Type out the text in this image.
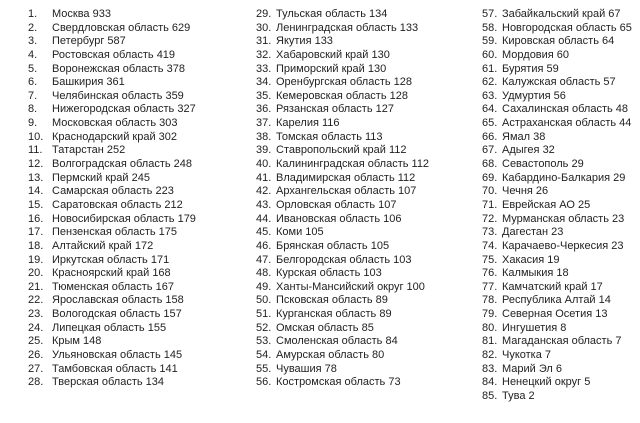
1.	Москва 933
2.	Свердловская область 629
3.	Петербург 587
4.	Ростовская область 419
5.	Воронежская область 378
6.	Башкирия 361
7.	Челябинская область 359
8.	Нижегородская область 327
9.	Московская область 303
10. Краснодарский край 302
11. Татарстан 252
12. Волгоградская область 248
13. Пермский край 245
14. Самарская область 223
15. Саратовская область 212
16. Новосибирская область 179
17. Пензенская область 175
18. Алтайский край 172
19. Иркутская область 171
20. Красноярский край 168
21. Тюменская область 167
22. Ярославская область 158
23. Вологодская область 157
24. Липецкая область 155
25. Крым 148
26. Ульяновская область 145
27. Тамбовская область 141
28. Тверская область 134
29. Тульская область 134
30. Ленинградская область 133
31. Якутия 133
32. Хабаровский край 130
33. Приморский край 130
34. Оренбургская область 128
35. Кемеровская область 128
36. Рязанская область 127
37. Карелия 116
38. Томская область 113
39. Ставропольский край 112
40. Калининградская область 112
41. Владимирская область 112
42. Архангельская область 107
43. Орловская область 107
44. Ивановская область 106
45. Коми 105
46. Брянская область 105
47. Белгородская область 103
48. Курская область 103
49. Ханты-Мансийский округ 100
50. Псковская область 89
51. Курганская область 89
52. Омская область 85
53. Смоленская область 84
54. Амурская область 80
55. Чувашия 78
56. Костромская область 73
57. Забайкальский край 67
58. Новгородская область 65
59. Кировская область 64
60. Мордовия 60
61. Бурятия 59
62. Калужская область 57
63. Удмуртия 56
64. Сахалинская область 48
65. Астраханская область 44
66. Ямал 38
67. Адыгея 32
68. Севастополь 29
69. Кабардино-Балкария 29
70. Чечня 26
71. Еврейская АО 25
72. Мурманская область 23
73. Дагестан 23
74. Карачаево-Черкесия 23
75. Хакасия 19
76. Калмыкия 18
77. Камчатский край 17
78. Республика Алтай 14
79. Северная Осетия 13
80. Ингушетия 8
81. Магаданская область 7
82. Чукотка 7
83. Марий Эл 6
84. Ненецкий округ 5
85. Тува 2
